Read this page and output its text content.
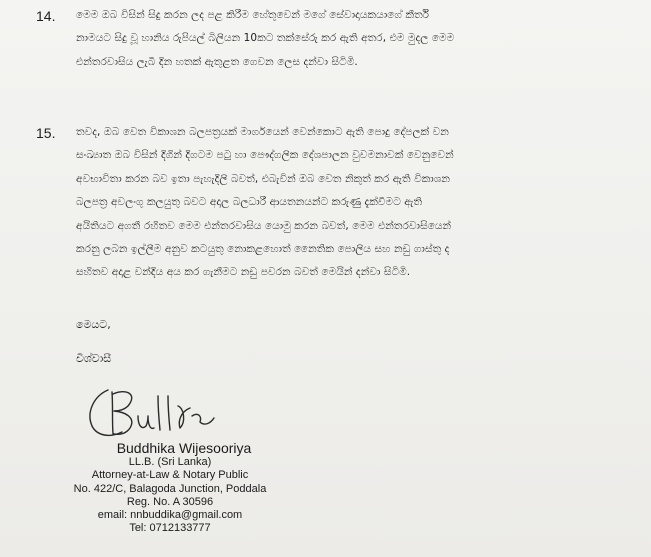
14. මෙම ඔබ විසින් සිදු කරන ලද පළ කිරීම හේතුවෙන් මගේ සේවාදායකයාගේ කීර්ති
නාමයට සිදු වූ හානිය රුපියල් බිලියන 10කට තක්සේරු කර ඇති අතර, එම මුදල මෙම
එන්තරවාසිය ලැබී දින හතක් ඇතුළත ගෙවන ලෙස දන්වා සිටිමි.
15. තවද, ඔබ වෙත විකාශන බලපත්‍රයක් මාර්ගයෙන් වෙන්කොට ඇති පොදු දේපලක් වන
සංඛ්‍යාත ඔබ විසින් දිගින් දිගටම පටු හා පෞද්ගලික දේශපාලන වුවමනාවක් වෙනුවෙන්
අවභාවිතා කරන බව ඉතා පැහැදිලි බවත්, එබැවින් ඔබ වෙත නිකුත් කර ඇති විකාශන
බලපත්‍ර අවලංගු කලයුතු බවට අදාල බලධාරී ආයතනයන්ට කරුණු දැක්වීමට ඇති
අයිතියට අගතී රහිතව මෙම එන්තරවාසිය යොමු කරන බවත්, මෙම එන්තරවාසියෙන්
කරනු ලබන ඉල්ලීම අනුව කටයුතු නොකළහොත් නෛතික පොලිය සහ නඩු ගාස්තු ද
සහිතව අදාළ වන්දිය අය කර ගැනීමට නඩු පවරන බවත් මෙයින් දන්වා සිටිමි.
මෙයට,
විශ්වාසී
Buddhika Wijesooriya
LL.B. (Sri Lanka)
Attorney-at-Law & Notary Public
No. 422/C, Balagoda Junction, Poddala
Reg. No. A 30596
email: nnbuddika@gmail.com
Tel: 0712133777
